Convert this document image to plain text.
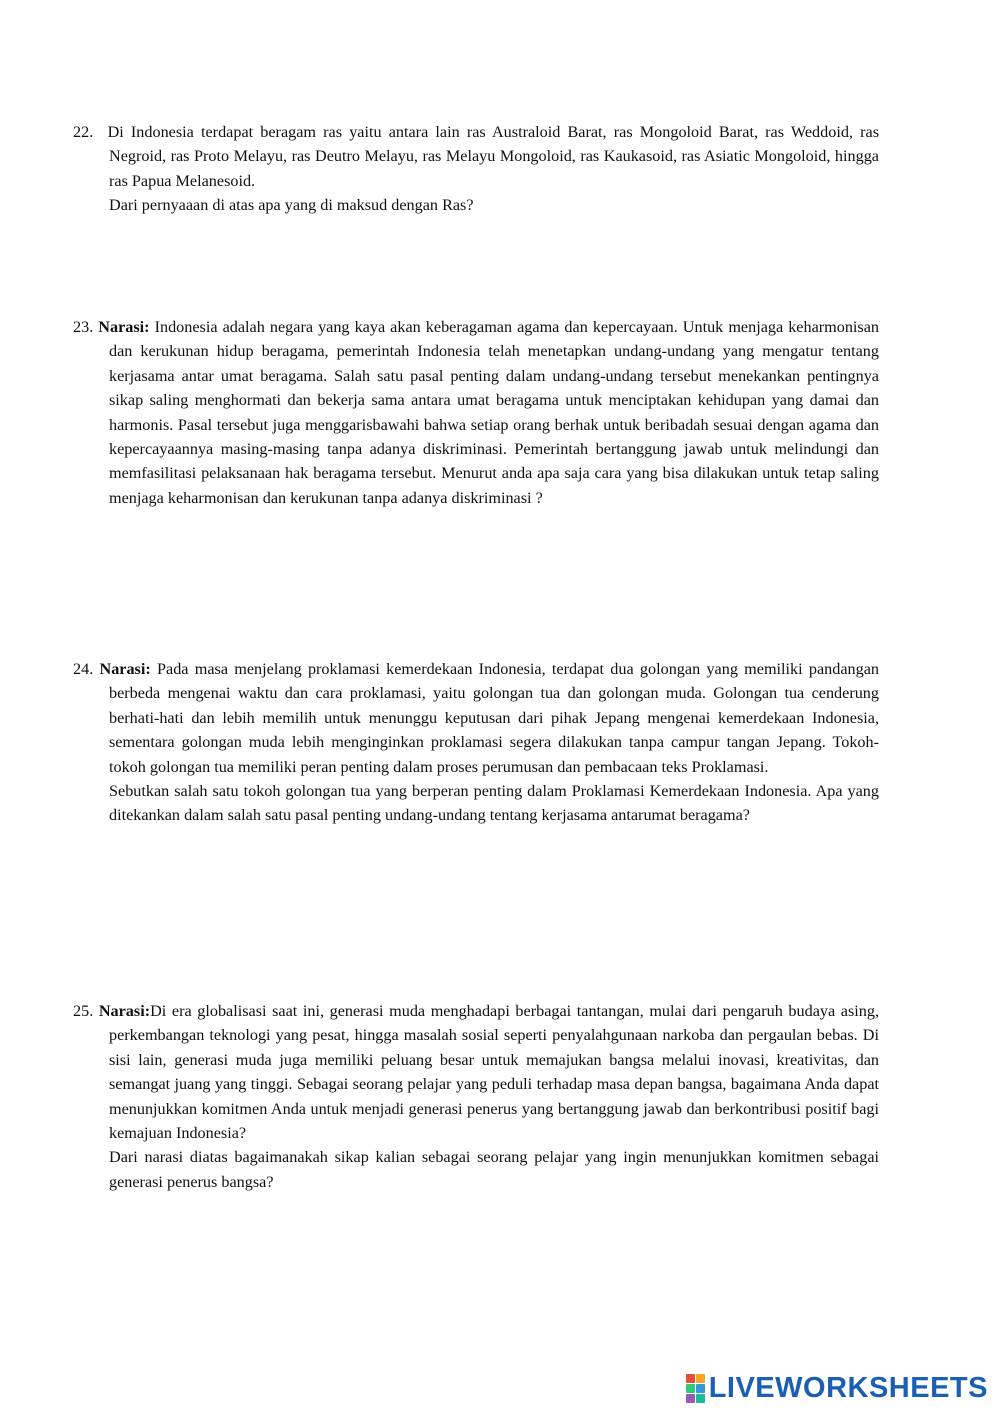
22. Di Indonesia terdapat beragam ras yaitu antara lain ras Australoid Barat, ras Mongoloid Barat, ras Weddoid, ras Negroid, ras Proto Melayu, ras Deutro Melayu, ras Melayu Mongoloid, ras Kaukasoid, ras Asiatic Mongoloid, hingga ras Papua Melanesoid.

Dari pernyaaan di atas apa yang di maksud dengan Ras?

23. Narasi: Indonesia adalah negara yang kaya akan keberagaman agama dan kepercayaan. Untuk menjaga keharmonisan dan kerukunan hidup beragama, pemerintah Indonesia telah menetapkan undang-undang yang mengatur tentang kerjasama antar umat beragama. Salah satu pasal penting dalam undang-undang tersebut menekankan pentingnya sikap saling menghormati dan bekerja sama antara umat beragama untuk menciptakan kehidupan yang damai dan harmonis. Pasal tersebut juga menggarisbawahi bahwa setiap orang berhak untuk beribadah sesuai dengan agama dan kepercayaannya masing-masing tanpa adanya diskriminasi. Pemerintah bertanggung jawab untuk melindungi dan memfasilitasi pelaksanaan hak beragama tersebut. Menurut anda apa saja cara yang bisa dilakukan untuk tetap saling menjaga keharmonisan dan kerukunan tanpa adanya diskriminasi ?

24. Narasi: Pada masa menjelang proklamasi kemerdekaan Indonesia, terdapat dua golongan yang memiliki pandangan berbeda mengenai waktu dan cara proklamasi, yaitu golongan tua dan golongan muda. Golongan tua cenderung berhati-hati dan lebih memilih untuk menunggu keputusan dari pihak Jepang mengenai kemerdekaan Indonesia, sementara golongan muda lebih menginginkan proklamasi segera dilakukan tanpa campur tangan Jepang. Tokoh-tokoh golongan tua memiliki peran penting dalam proses perumusan dan pembacaan teks Proklamasi.

Sebutkan salah satu tokoh golongan tua yang berperan penting dalam Proklamasi Kemerdekaan Indonesia. Apa yang ditekankan dalam salah satu pasal penting undang-undang tentang kerjasama antarumat beragama?

25. Narasi:Di era globalisasi saat ini, generasi muda menghadapi berbagai tantangan, mulai dari pengaruh budaya asing, perkembangan teknologi yang pesat, hingga masalah sosial seperti penyalahgunaan narkoba dan pergaulan bebas. Di sisi lain, generasi muda juga memiliki peluang besar untuk memajukan bangsa melalui inovasi, kreativitas, dan semangat juang yang tinggi. Sebagai seorang pelajar yang peduli terhadap masa depan bangsa, bagaimana Anda dapat menunjukkan komitmen Anda untuk menjadi generasi penerus yang bertanggung jawab dan berkontribusi positif bagi kemajuan Indonesia?

Dari narasi diatas bagaimanakah sikap kalian sebagai seorang pelajar yang ingin menunjukkan komitmen sebagai generasi penerus bangsa?

LIVEWORKSHEETS
